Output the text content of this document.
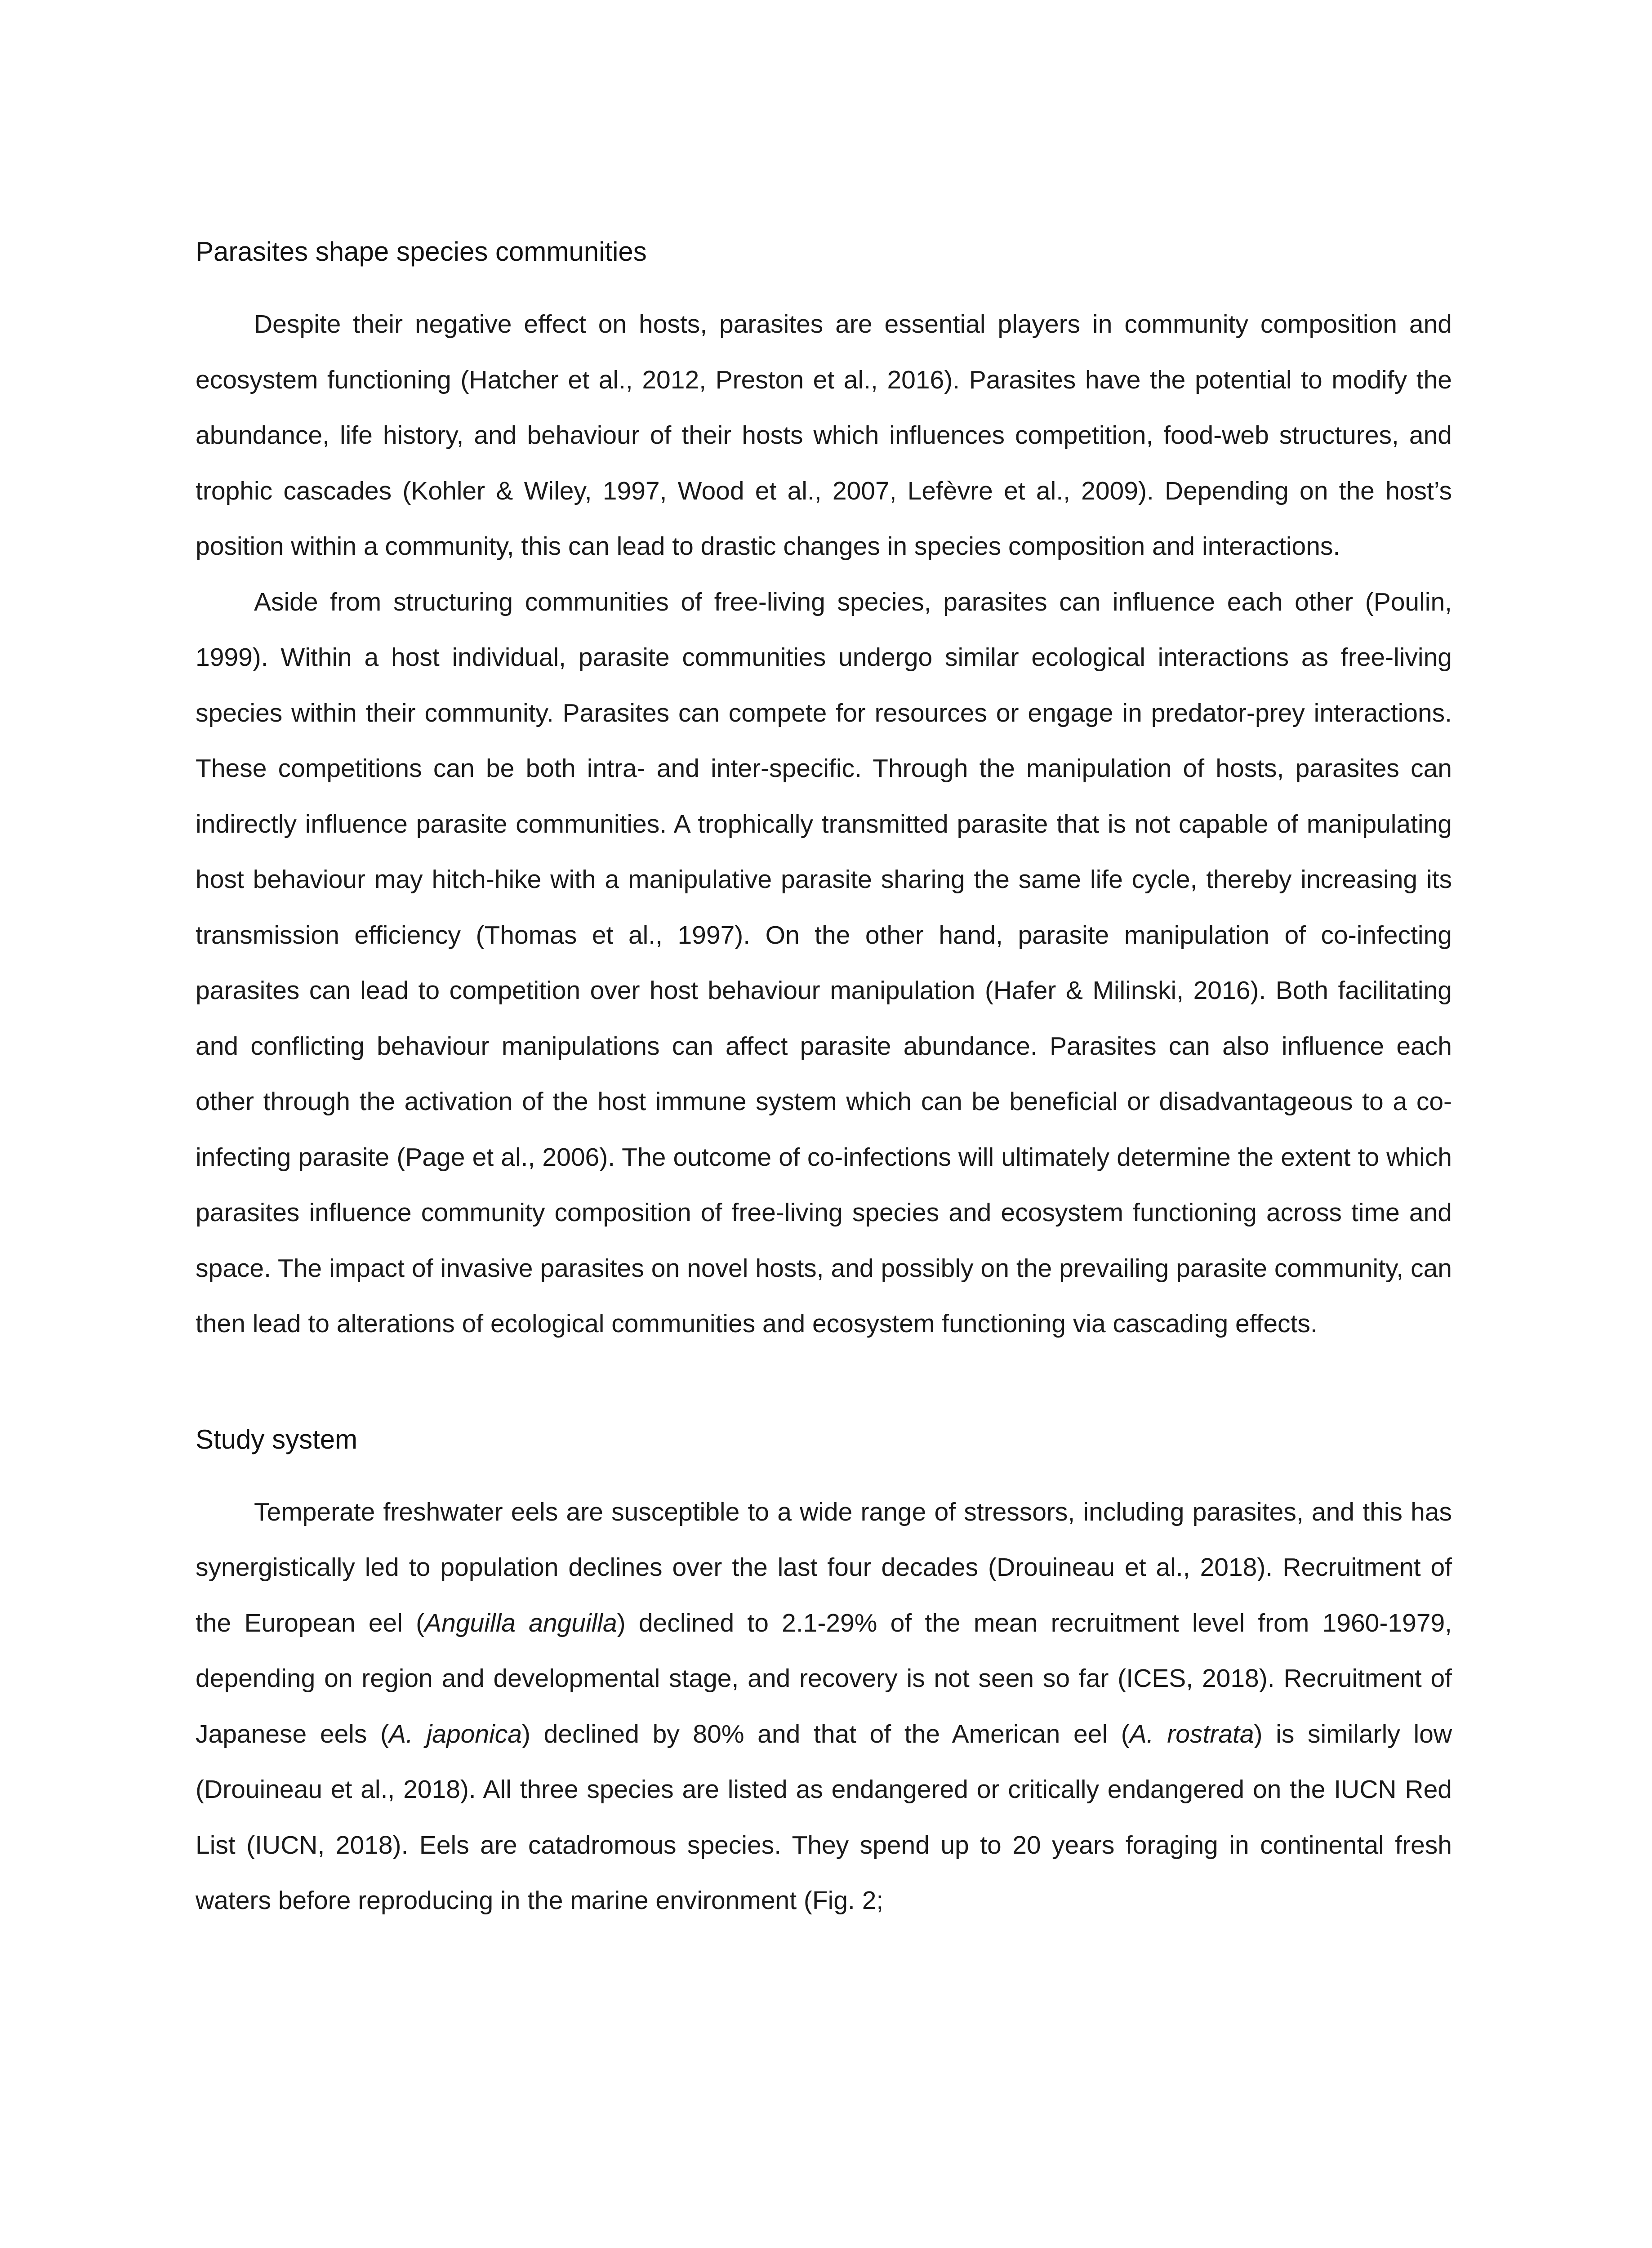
Parasites shape species communities

Despite their negative effect on hosts, parasites are essential players in community composition and ecosystem functioning (Hatcher et al., 2012, Preston et al., 2016). Parasites have the potential to modify the abundance, life history, and behaviour of their hosts which influences competition, food-web structures, and trophic cascades (Kohler & Wiley, 1997, Wood et al., 2007, Lefèvre et al., 2009). Depending on the host’s position within a community, this can lead to drastic changes in species composition and interactions.

Aside from structuring communities of free-living species, parasites can influence each other (Poulin, 1999). Within a host individual, parasite communities undergo similar ecological interactions as free-living species within their community. Parasites can compete for resources or engage in predator-prey interactions. These competitions can be both intra- and inter-specific. Through the manipulation of hosts, parasites can indirectly influence parasite communities. A trophically transmitted parasite that is not capable of manipulating host behaviour may hitch-hike with a manipulative parasite sharing the same life cycle, thereby increasing its transmission efficiency (Thomas et al., 1997). On the other hand, parasite manipulation of co-infecting parasites can lead to competition over host behaviour manipulation (Hafer & Milinski, 2016). Both facilitating and conflicting behaviour manipulations can affect parasite abundance. Parasites can also influence each other through the activation of the host immune system which can be beneficial or disadvantageous to a co-infecting parasite (Page et al., 2006). The outcome of co-infections will ultimately determine the extent to which parasites influence community composition of free-living species and ecosystem functioning across time and space. The impact of invasive parasites on novel hosts, and possibly on the prevailing parasite community, can then lead to alterations of ecological communities and ecosystem functioning via cascading effects.

Study system

Temperate freshwater eels are susceptible to a wide range of stressors, including parasites, and this has synergistically led to population declines over the last four decades (Drouineau et al., 2018). Recruitment of the European eel (Anguilla anguilla) declined to 2.1-29% of the mean recruitment level from 1960-1979, depending on region and developmental stage, and recovery is not seen so far (ICES, 2018). Recruitment of Japanese eels (A. japonica) declined by 80% and that of the American eel (A. rostrata) is similarly low (Drouineau et al., 2018). All three species are listed as endangered or critically endangered on the IUCN Red List (IUCN, 2018). Eels are catadromous species. They spend up to 20 years foraging in continental fresh waters before reproducing in the marine environment (Fig. 2;
